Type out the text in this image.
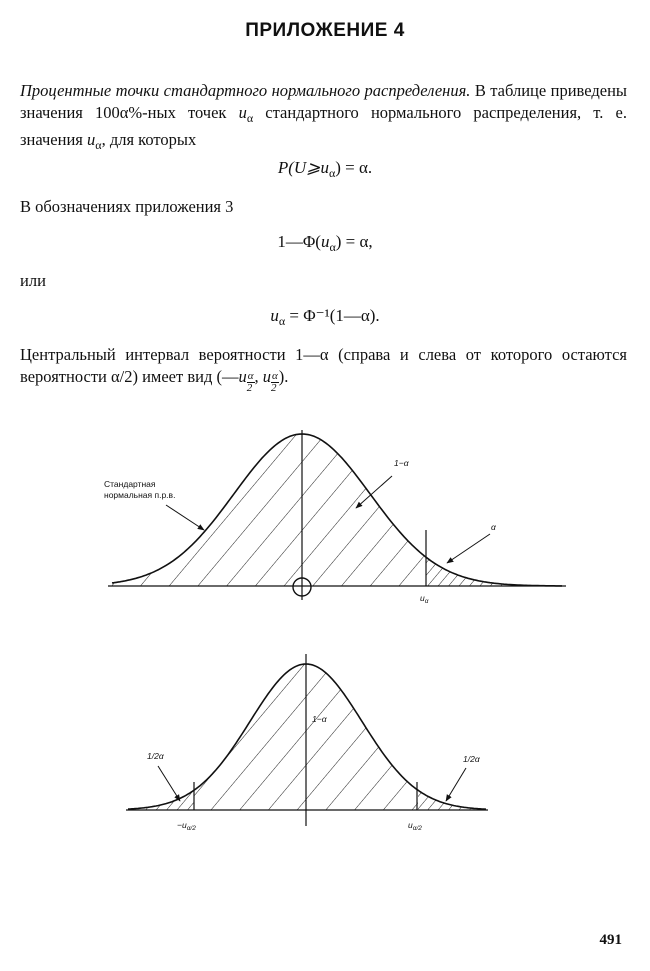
ПРИЛОЖЕНИЕ 4
Процентные точки стандартного нормального распределения. В таблице приведены значения 100α%-ных точек $u_\alpha$ стандартного нормального распределения, т. е. значения $u_\alpha$, для которых
$P(U⩾u_\alpha) = \alpha$.
В обозначениях приложения 3
$1—\Phi(u_\alpha) = \alpha$,
или
$u_\alpha$ = Φ⁻¹(1—α).
Центральный интервал вероятности 1—α (справа и слева от которого остаются вероятности α/2) имеет вид (—u $\frac{\alpha}{2}$ , u $\frac{\alpha}{2}$ ).
Стандартная
нормальная п.р.в.
1−α
α
$u_\alpha$
1−α
1/2α	1/2α
$-u_{\alpha/2}$	$u_{\alpha/2}$
491
